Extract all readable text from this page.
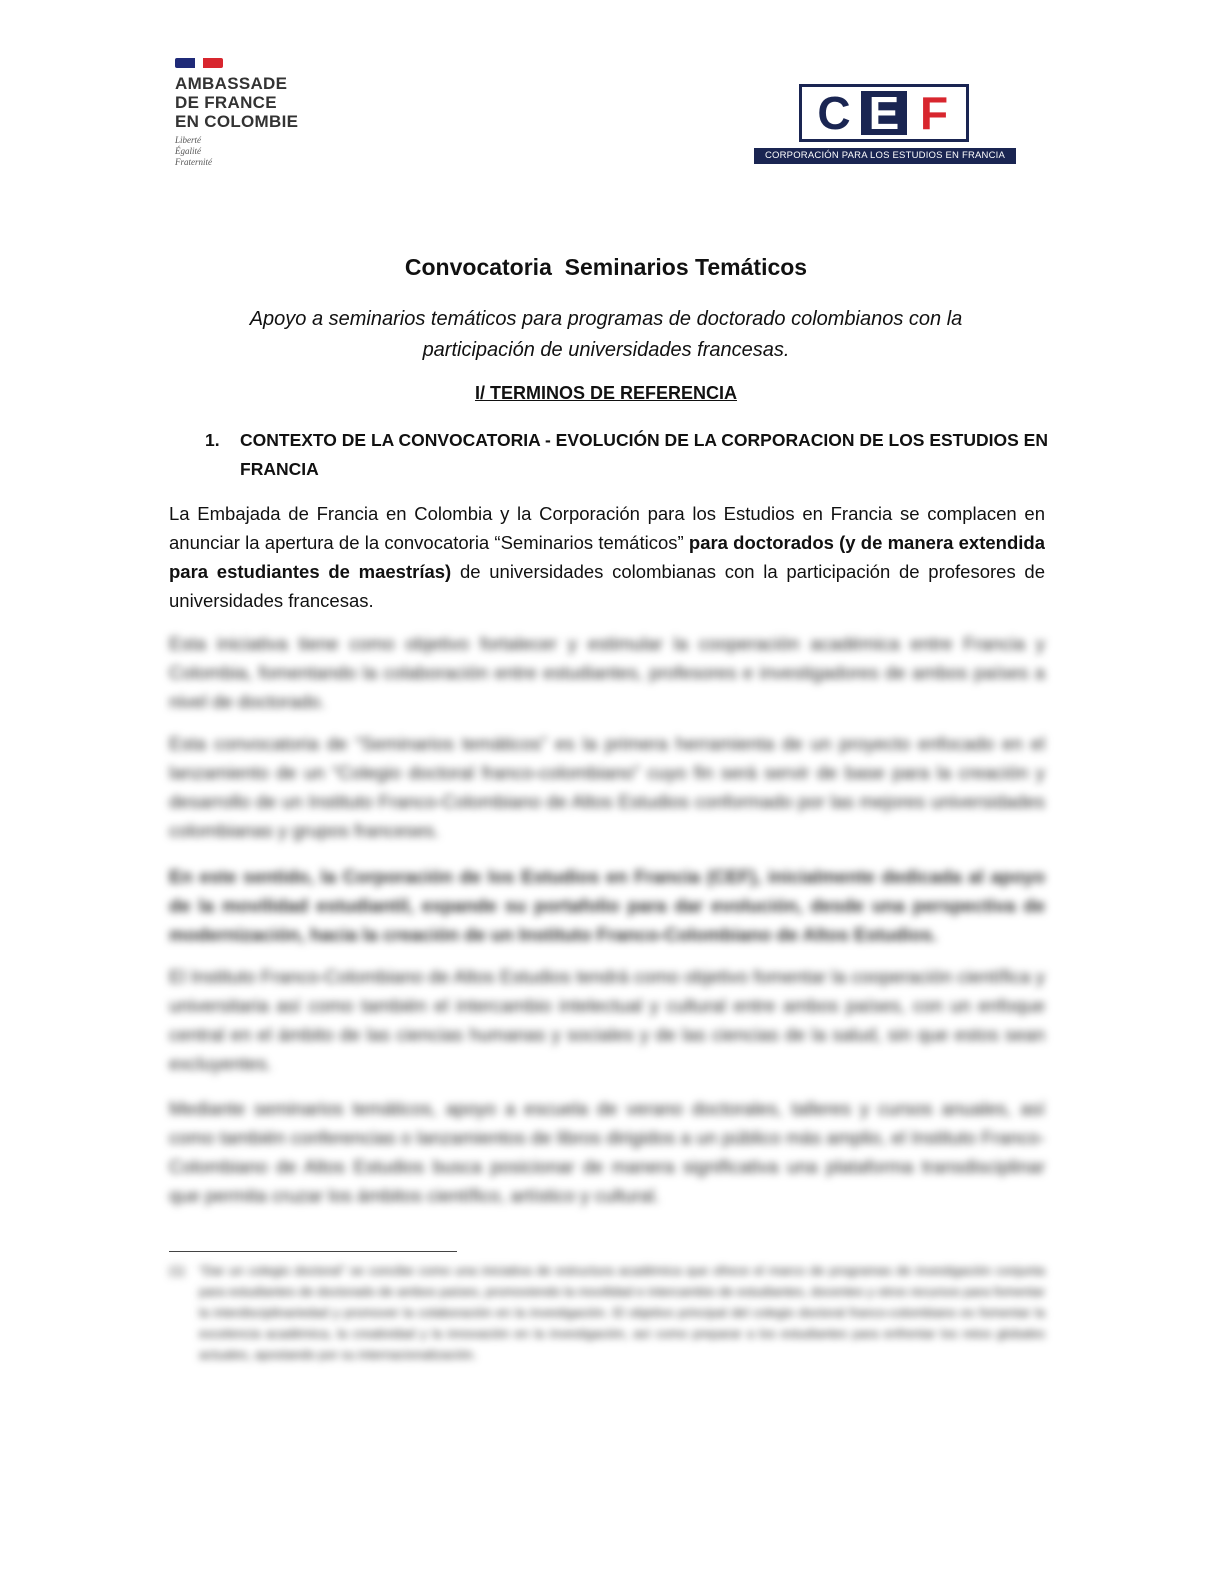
AMBASSADE
DE FRANCE
EN COLOMBIE
Liberté
Égalité
Fraternité
C E F
CORPORACIÓN PARA LOS ESTUDIOS EN FRANCIA
Convocatoria  Seminarios Temáticos
Apoyo a seminarios temáticos para programas de doctorado colombianos con la
participación de universidades francesas.
I/ TERMINOS DE REFERENCIA
1.	CONTEXTO DE LA CONVOCATORIA - EVOLUCIÓN DE LA CORPORACION DE LOS ESTUDIOS EN FRANCIA
La Embajada de Francia en Colombia y la Corporación para los Estudios en Francia se complacen en anunciar la apertura de la convocatoria “Seminarios temáticos” para doctorados (y de manera extendida para estudiantes de maestrías) de universidades colombianas con la participación de profesores de universidades francesas.
Esta iniciativa tiene como objetivo fortalecer y estimular la cooperación académica entre Francia y Colombia, fomentando la colaboración entre estudiantes, profesores e investigadores de ambos países a nivel de doctorado.
Esta convocatoria de “Seminarios temáticos” es la primera herramienta de un proyecto enfocado en el lanzamiento de un “Colegio doctoral franco-colombiano” cuyo fin será servir de base para la creación y desarrollo de un Instituto Franco-Colombiano de Altos Estudios conformado por las mejores universidades colombianas y grupos franceses.
En este sentido, la Corporación de los Estudios en Francia (CEF), inicialmente dedicada al apoyo de la movilidad estudiantil, expande su portafolio para dar evolución, desde una perspectiva de modernización, hacia la creación de un Instituto Franco-Colombiano de Altos Estudios.
El Instituto Franco-Colombiano de Altos Estudios tendrá como objetivo fomentar la cooperación científica y universitaria así como también el intercambio intelectual y cultural entre ambos países, con un enfoque central en el ámbito de las ciencias humanas y sociales y de las ciencias de la salud, sin que estos sean excluyentes.
Mediante seminarios temáticos, apoyo a escuela de verano doctorales, talleres y cursos anuales, así como también conferencias o lanzamientos de libros dirigidos a un público más amplio, el Instituto Franco-Colombiano de Altos Estudios busca posicionar de manera significativa una plataforma transdisciplinar que permita cruzar los ámbitos científico, artístico y cultural.
(1)	“Dar un colegio doctoral” se concibe como una iniciativa de estructura académica que ofrece el marco de programas de investigación conjunta para estudiantes de doctorado de ambos países, promoviendo la movilidad e intercambio de estudiantes, docentes y otros recursos para fomentar la interdisciplinariedad y promover la colaboración en la investigación. El objetivo principal del colegio doctoral franco-colombiano es fomentar la excelencia académica, la creatividad y la innovación en la investigación, así como preparar a los estudiantes para enfrentar los retos globales actuales, apostando por su internacionalización.
